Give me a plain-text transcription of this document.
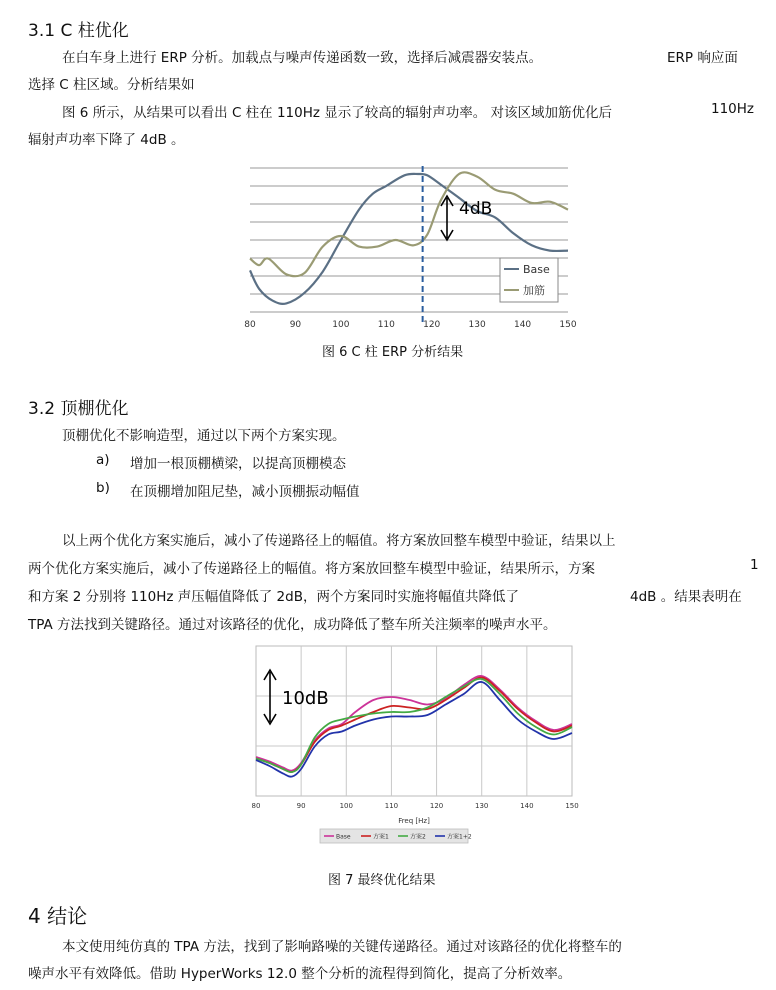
3.1 C 柱优化
在白车身上进行 ERP 分析。加载点与噪声传递函数一致，选择后减震器安装点。	ERP 响应面
选择 C 柱区域。分析结果如
图 6 所示，从结果可以看出 C 柱在 110Hz 显示了较高的辐射声功率。 对该区域加筋优化后	110Hz
辐射声功率下降了 4dB 。
4dB
Base
加筋
80	90	100	110	120	130	140	150
图 6 C 柱 ERP 分析结果
3.2 顶棚优化
顶棚优化不影响造型，通过以下两个方案实现。
a) 增加一根顶棚横梁，以提高顶棚模态
b) 在顶棚增加阻尼垫，减小顶棚振动幅值
以上两个优化方案实施后，减小了传递路径上的幅值。将方案放回整车模型中验证，结果以上
两个优化方案实施后，减小了传递路径上的幅值。将方案放回整车模型中验证，结果所示，方案	1
和方案 2 分别将 110Hz 声压幅值降低了 2dB，两个方案同时实施将幅值共降低了	4dB 。结果表明在
TPA 方法找到关键路径。通过对该路径的优化，成功降低了整车所关注频率的噪声水平。
10dB
80	90	100	110	120	130	140	150
Freq [Hz]
Base	方案1	方案2	方案1+2
图 7 最终优化结果
4 结论
本文使用纯仿真的 TPA 方法，找到了影响路噪的关键传递路径。通过对该路径的优化将整车的
噪声水平有效降低。借助 HyperWorks 12.0 整个分析的流程得到简化，提高了分析效率。
